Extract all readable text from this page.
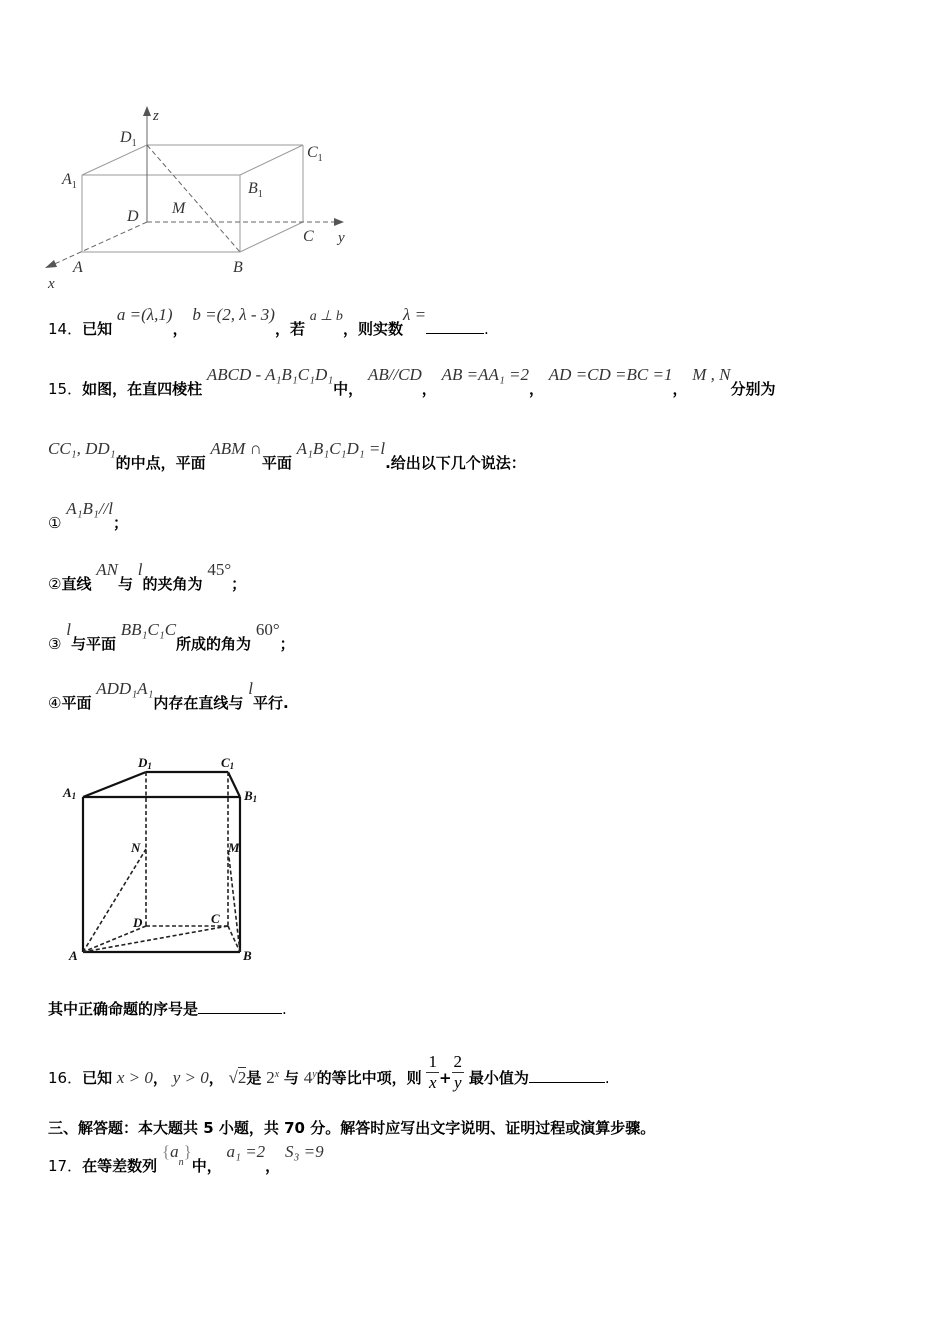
z
y
x
$D_1$
$C_1$
$A_1$	$B_1$
D M
C
A	B
14．已知 a =(λ,1)， b =(2, λ - 3)，若 a ⊥ b，则实数λ =.
15．如图，在直四棱柱 ABCD - A₁B₁C₁D₁中， AB//CD， AB =AA₁ =2， AD =CD =BC =1， M , N分别为
CC₁, DD₁的中点，平面 ABM ∩平面 A₁B₁C₁D₁ =l.给出以下几个说法：
① A₁B₁//l；
②直线 AN与 l的夹角为 45°；
③ l与平面 BB₁C₁C所成的角为 60°；
④平面 ADD₁A₁内存在直线与 l平行.
A1
D1	C1
B1
N	M
D	C
A	B
其中正确命题的序号是	.
16．已知 x > 0， y > 0， √2是 2$^x$ 与 4$^y$的等比中项，则 $\frac{1}{x} + \frac{2}{y}$ 最小值为	.
三、解答题：本大题共 5 小题，共 70 分。解答时应写出文字说明、证明过程或演算步骤。
17．在等差数列 $\{a_n\}$中， a₁ =2， S₃ =9
